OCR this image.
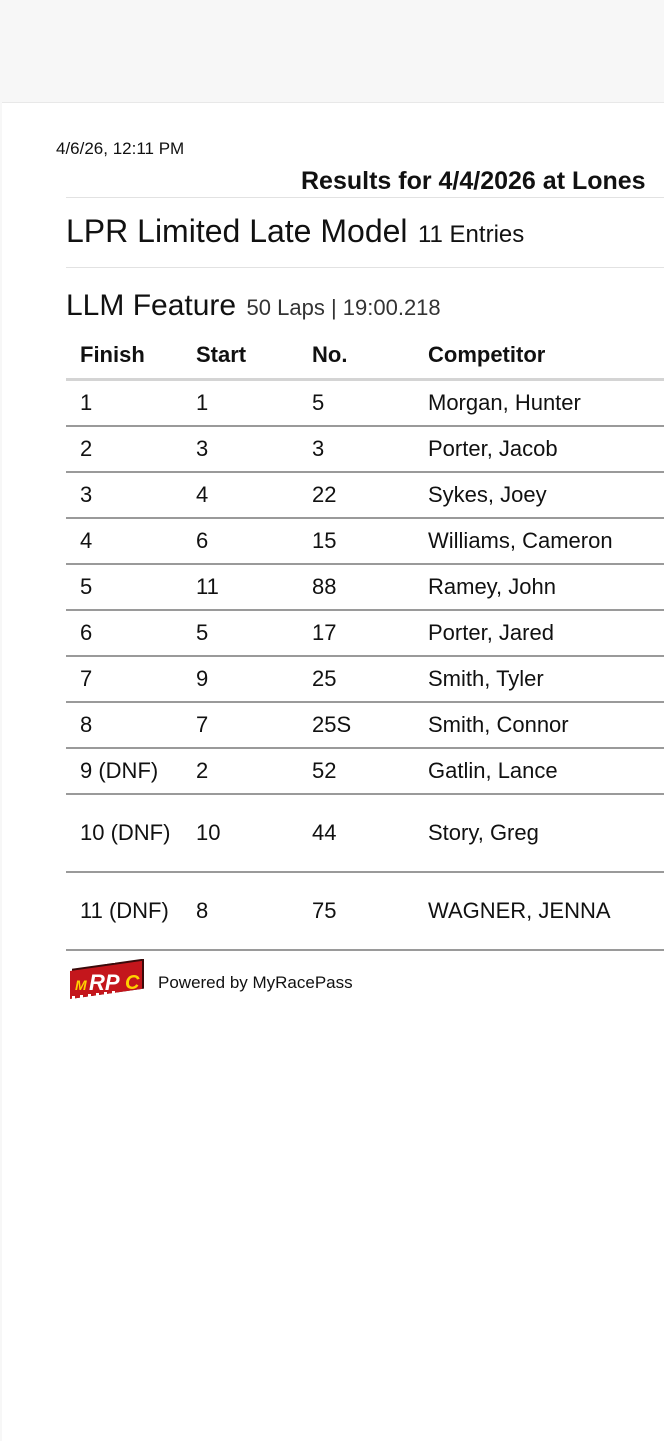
4/6/26, 12:11 PM
Results for 4/4/2026 at Lones
LPR Limited Late Model 11 Entries
LLM Feature 50 Laps | 19:00.218
Finish	Start	No.	Competitor
1	1	5	Morgan, Hunter
2	3	3	Porter, Jacob
3	4	22	Sykes, Joey
4	6	15	Williams, Cameron
5	11	88	Ramey, John
6	5	17	Porter, Jared
7	9	25	Smith, Tyler
8	7	25S	Smith, Connor
9 (DNF)	2	52	Gatlin, Lance
10 (DNF)	10	44	Story, Greg
11 (DNF)	8	75	WAGNER, JENNA
M RP C Powered by MyRacePass
